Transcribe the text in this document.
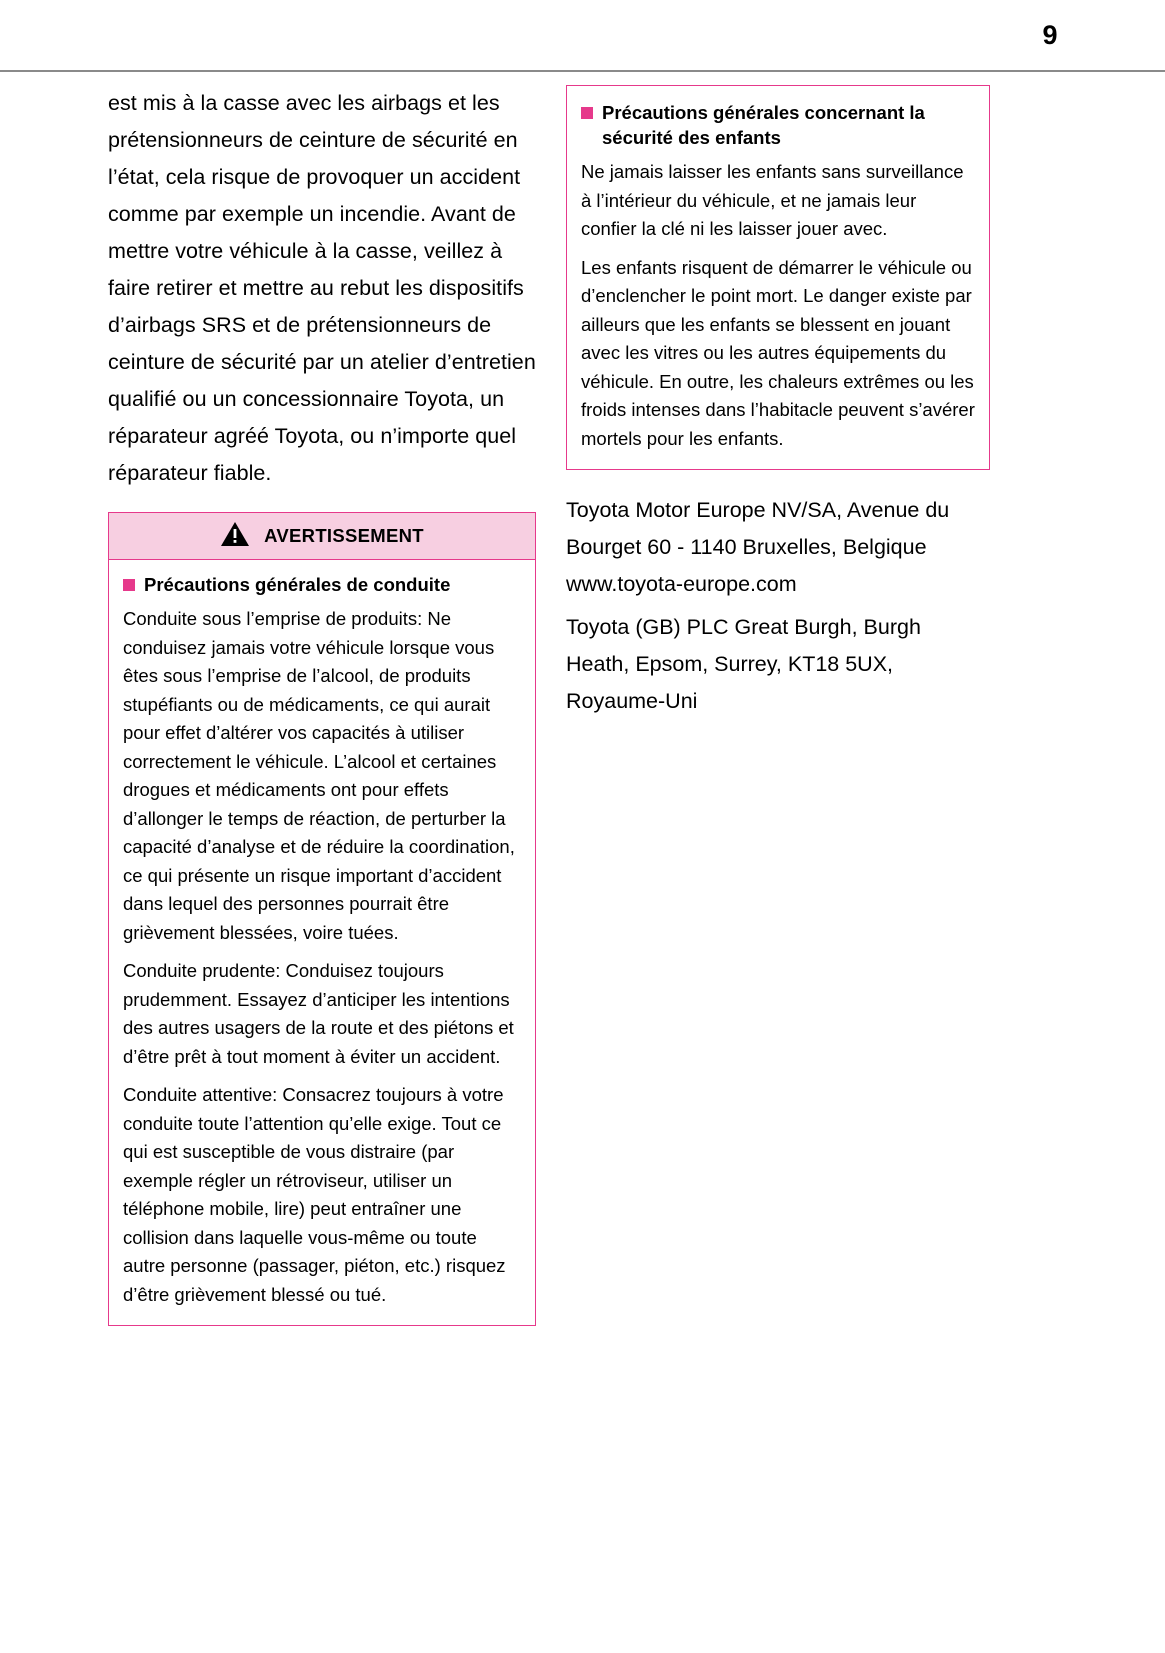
9

est mis à la casse avec les airbags et les prétensionneurs de ceinture de sécurité en l’état, cela risque de provoquer un accident comme par exemple un incendie. Avant de mettre votre véhicule à la casse, veillez à faire retirer et mettre au rebut les dispositifs d’airbags SRS et de prétensionneurs de ceinture de sécurité par un atelier d’entretien qualifié ou un concessionnaire Toyota, un réparateur agréé Toyota, ou n’importe quel réparateur fiable.

AVERTISSEMENT
Précautions générales de conduite

Conduite sous l’emprise de produits: Ne conduisez jamais votre véhicule lorsque vous êtes sous l’emprise de l’alcool, de produits stupéfiants ou de médicaments, ce qui aurait pour effet d’altérer vos capacités à utiliser correctement le véhicule. L’alcool et certaines drogues et médicaments ont pour effets d’allonger le temps de réaction, de perturber la capacité d’analyse et de réduire la coordination, ce qui présente un risque important d’accident dans lequel des personnes pourrait être grièvement blessées, voire tuées.

Conduite prudente: Conduisez toujours prudemment. Essayez d’anticiper les intentions des autres usagers de la route et des piétons et d’être prêt à tout moment à éviter un accident.

Conduite attentive: Consacrez toujours à votre conduite toute l’attention qu’elle exige. Tout ce qui est susceptible de vous distraire (par exemple régler un rétroviseur, utiliser un téléphone mobile, lire) peut entraîner une collision dans laquelle vous-même ou toute autre personne (passager, piéton, etc.) risquez d’être grièvement blessé ou tué.

Précautions générales concernant la sécurité des enfants

Ne jamais laisser les enfants sans surveillance à l’intérieur du véhicule, et ne jamais leur confier la clé ni les laisser jouer avec.

Les enfants risquent de démarrer le véhicule ou d’enclencher le point mort. Le danger existe par ailleurs que les enfants se blessent en jouant avec les vitres ou les autres équipements du véhicule. En outre, les chaleurs extrêmes ou les froids intenses dans l’habitacle peuvent s’avérer mortels pour les enfants.

Toyota Motor Europe NV/SA, Avenue du Bourget 60 - 1140 Bruxelles, Belgique www.toyota-europe.com

Toyota (GB) PLC Great Burgh, Burgh Heath, Epsom, Surrey, KT18 5UX, Royaume-Uni
